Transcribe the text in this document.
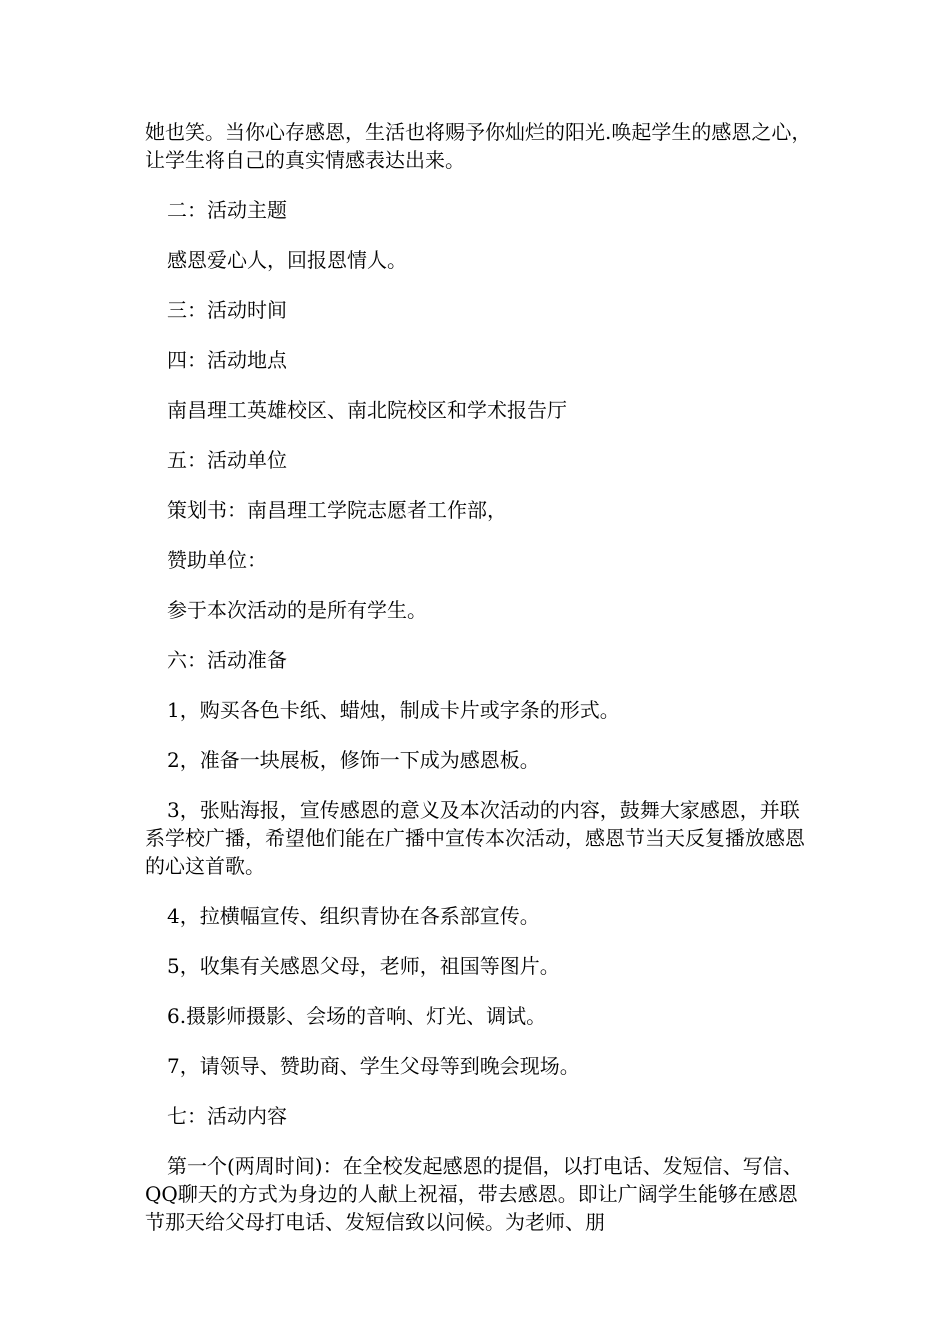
她也笑。当你心存感恩，生活也将赐予你灿烂的阳光.唤起学生的感恩之心，让学生将自己的真实情感表达出来。

二：活动主题

感恩爱心人，回报恩情人。

三：活动时间

四：活动地点

南昌理工英雄校区、南北院校区和学术报告厅

五：活动单位

策划书：南昌理工学院志愿者工作部，

赞助单位：

参于本次活动的是所有学生。

六：活动准备

1，购买各色卡纸、蜡烛，制成卡片或字条的形式。

2，准备一块展板，修饰一下成为感恩板。

3，张贴海报，宣传感恩的意义及本次活动的内容，鼓舞大家感恩，并联系学校广播，希望他们能在广播中宣传本次活动，感恩节当天反复播放感恩的心这首歌。

4，拉横幅宣传、组织青协在各系部宣传。

5，收集有关感恩父母，老师，祖国等图片。

6.摄影师摄影、会场的音响、灯光、调试。

7，请领导、赞助商、学生父母等到晚会现场。

七：活动内容

第一个(两周时间)：在全校发起感恩的提倡，以打电话、发短信、写信、QQ聊天的方式为身边的人献上祝福，带去感恩。即让广阔学生能够在感恩节那天给父母打电话、发短信致以问候。为老师、朋
